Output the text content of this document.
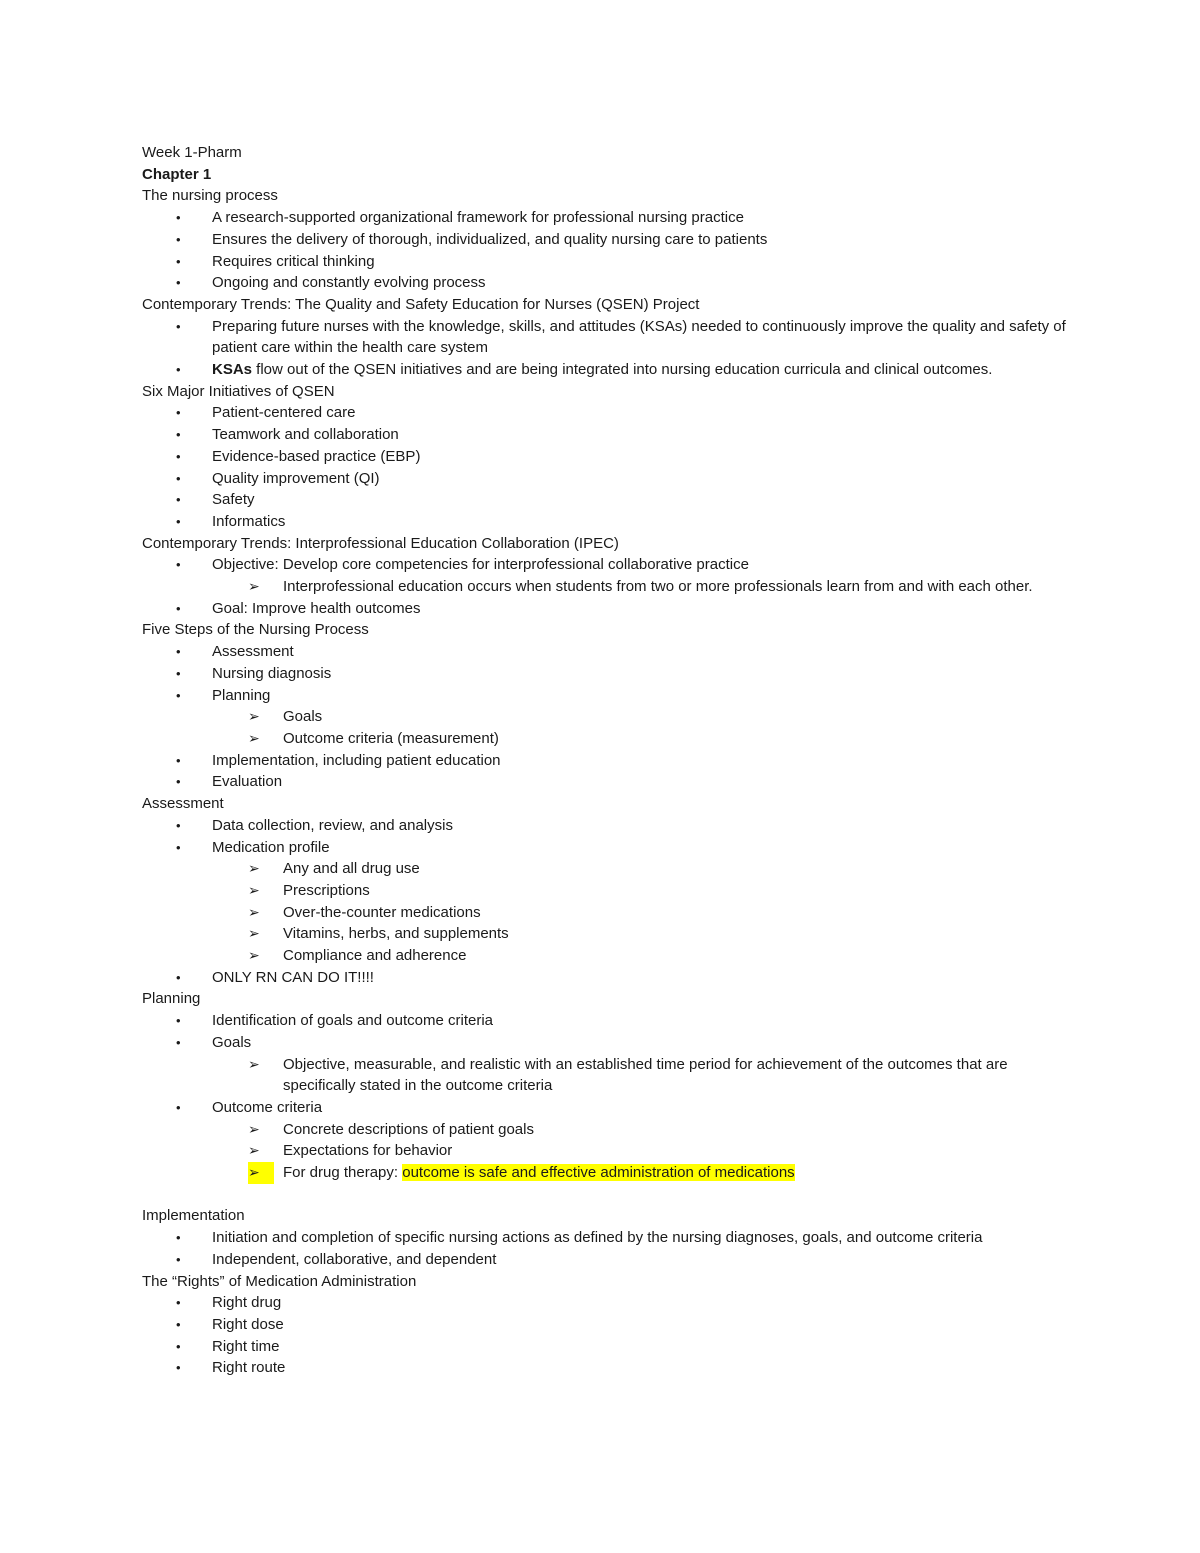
Week 1-Pharm

Chapter 1

The nursing process

• A research-supported organizational framework for professional nursing practice
• Ensures the delivery of thorough, individualized, and quality nursing care to patients
• Requires critical thinking
• Ongoing and constantly evolving process

Contemporary Trends: The Quality and Safety Education for Nurses (QSEN) Project

• Preparing future nurses with the knowledge, skills, and attitudes (KSAs) needed to continuously improve the quality and safety of patient care within the health care system
• KSAs flow out of the QSEN initiatives and are being integrated into nursing education curricula and clinical outcomes.

Six Major Initiatives of QSEN

• Patient-centered care
• Teamwork and collaboration
• Evidence-based practice (EBP)
• Quality improvement (QI)
• Safety
• Informatics

Contemporary Trends: Interprofessional Education Collaboration (IPEC)

• Objective: Develop core competencies for interprofessional collaborative practice
➢ Interprofessional education occurs when students from two or more professionals learn from and with each other.
• Goal: Improve health outcomes

Five Steps of the Nursing Process

• Assessment
• Nursing diagnosis
• Planning
➢ Goals
➢ Outcome criteria (measurement)
• Implementation, including patient education
• Evaluation

Assessment

• Data collection, review, and analysis
• Medication profile
➢ Any and all drug use
➢ Prescriptions
➢ Over-the-counter medications
➢ Vitamins, herbs, and supplements
➢ Compliance and adherence
• ONLY RN CAN DO IT!!!!

Planning

• Identification of goals and outcome criteria
• Goals
➢ Objective, measurable, and realistic with an established time period for achievement of the outcomes that are specifically stated in the outcome criteria
• Outcome criteria
➢ Concrete descriptions of patient goals
➢ Expectations for behavior
➢	For drug therapy: outcome is safe and effective administration of medications

Implementation

• Initiation and completion of specific nursing actions as defined by the nursing diagnoses, goals, and outcome criteria
• Independent, collaborative, and dependent

The “Rights” of Medication Administration

• Right drug
• Right dose
• Right time
• Right route
